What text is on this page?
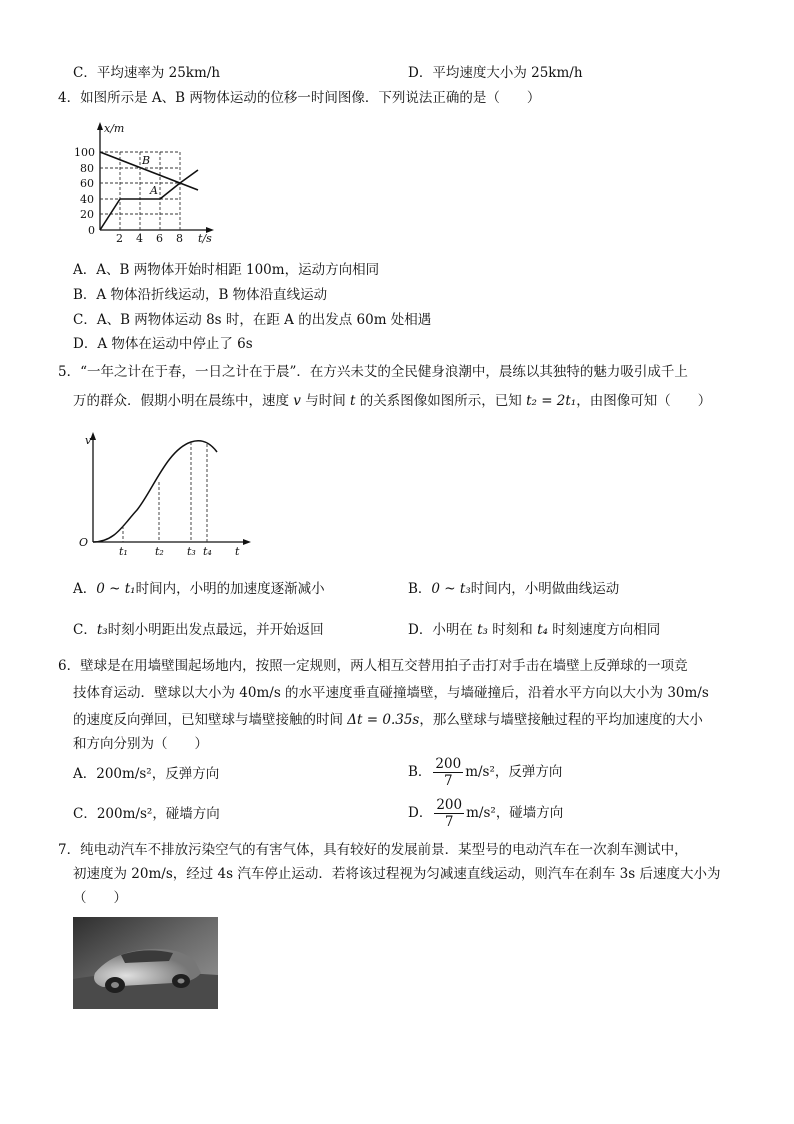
C．平均速率为 25km/h	D．平均速度大小为 25km/h
4．如图所示是 A、B 两物体运动的位移一时间图像．下列说法正确的是（　　）
x/m
100
80
60
40
20
0
2 4 6 8 t/s
A
B
A．A、B 两物体开始时相距 100m，运动方向相同
B．A 物体沿折线运动，B 物体沿直线运动
C．A、B 两物体运动 8s 时，在距 A 的出发点 60m 处相遇
D．A 物体在运动中停止了 6s
5．“一年之计在于春，一日之计在于晨”．在方兴未艾的全民健身浪潮中，晨练以其独特的魅力吸引成千上
万的群众．假期小明在晨练中，速度 v 与时间 t 的关系图像如图所示，已知 t₂ = 2t₁，由图像可知（　　）
v
O
t₁ t₂ t₃ t₄ t
A．0 ~ t₁时间内，小明的加速度逐渐减小	B．0 ~ t₃时间内，小明做曲线运动
C．t₃时刻小明距出发点最远，并开始返回	D．小明在 t₃ 时刻和 t₄ 时刻速度方向相同
6．壁球是在用墙壁围起场地内，按照一定规则，两人相互交替用拍子击打对手击在墙壁上反弹球的一项竞
技体育运动．壁球以大小为 40m/s 的水平速度垂直碰撞墙壁，与墙碰撞后，沿着水平方向以大小为 30m/s
的速度反向弹回，已知壁球与墙壁接触的时间 Δt = 0.35s，那么壁球与墙壁接触过程的平均加速度的大小
和方向分别为（　　）
A．200m/s²，反弹方向	B． $\frac{200}{7} m/s^2$，反弹方向
C．200m/s²，碰墙方向	D． $\frac{200}{7} m/s^2$，碰墙方向
7．纯电动汽车不排放污染空气的有害气体，具有较好的发展前景．某型号的电动汽车在一次刹车测试中，
初速度为 20m/s，经过 4s 汽车停止运动．若将该过程视为匀减速直线运动，则汽车在刹车 3s 后速度大小为
（　　）
